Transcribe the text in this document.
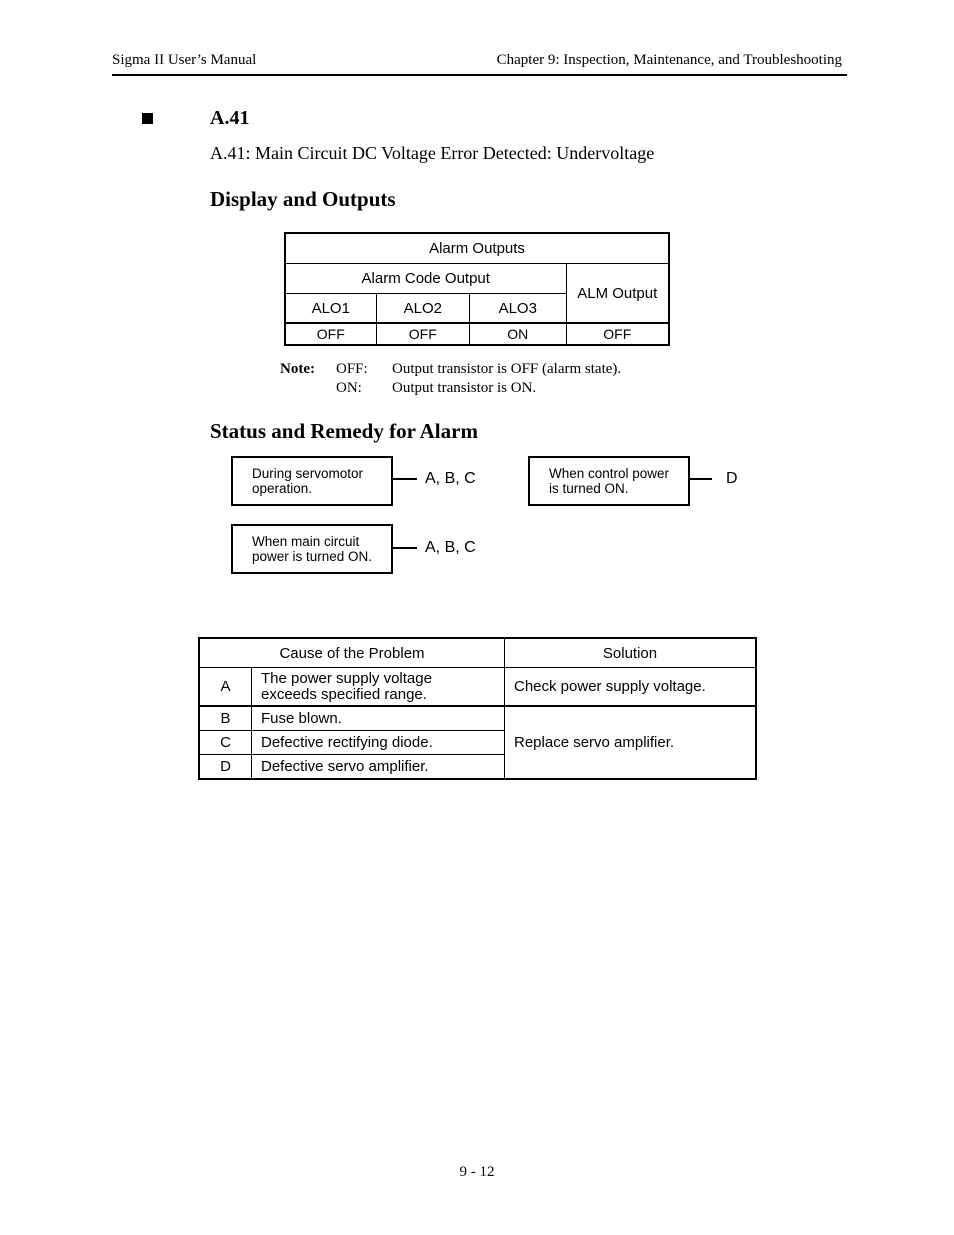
Sigma II User’s Manual	Chapter 9: Inspection, Maintenance, and Troubleshooting
A.41
A.41: Main Circuit DC Voltage Error Detected: Undervoltage
Display and Outputs
Alarm Outputs			
Alarm Code Output			ALM Output
ALO1	ALO2	ALO3	
OFF	OFF	ON	OFF
Note: OFF: Output transistor is OFF (alarm state).
ON: Output transistor is ON.
Status and Remedy for Alarm
During servomotor
operation.
A, B, C	When control power
is turned ON.
D
When main circuit
power is turned ON.
A, B, C
Cause of the Problem		Solution
A	The power supply voltage
exceeds specified range.	Check power supply voltage.
B	Fuse blown.	Replace servo amplifier.
C	Defective rectifying diode.	
D	Defective servo amplifier.	
9 - 12
